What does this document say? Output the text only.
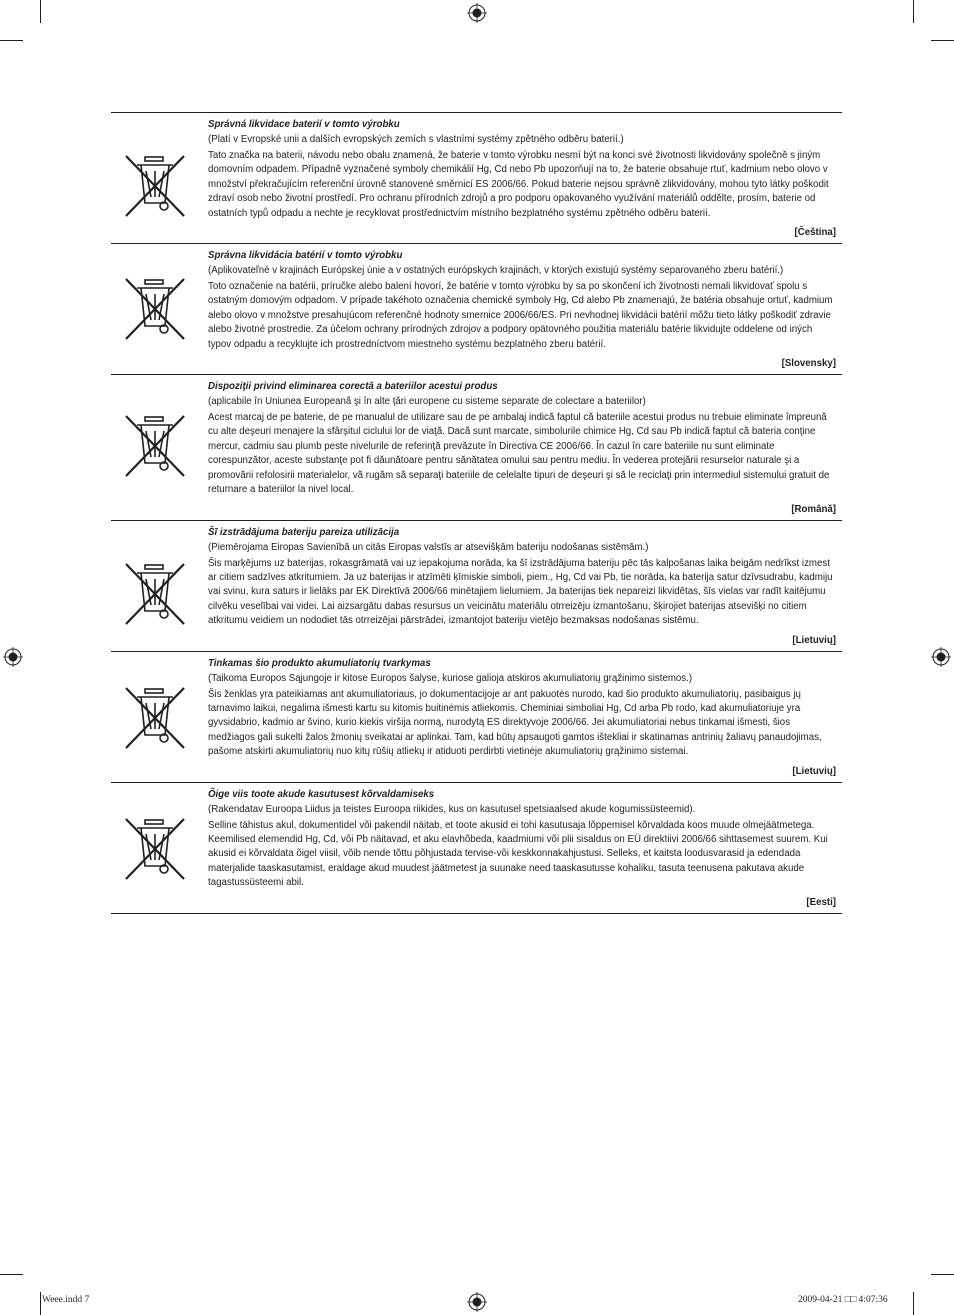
Správná likvidace baterií v tomto výrobku

(Platí v Evropské unii a dalších evropských zemích s vlastními systémy zpětného odběru baterií.)

Tato značka na baterii, návodu nebo obalu znamená, že baterie v tomto výrobku nesmí být na konci své životnosti likvidovány společně s jiným domovním odpadem. Případně vyznačené symboly chemikálií Hg, Cd nebo Pb upozorňují na to, že baterie obsahuje rtuť, kadmium nebo olovo v množství překračujícím referenční úrovně stanovené směrnicí ES 2006/66. Pokud baterie nejsou správně zlikvidovány, mohou tyto látky poškodit zdraví osob nebo životní prostředí. Pro ochranu přírodních zdrojů a pro podporu opakovaného využívání materiálů oddělte, prosím, baterie od ostatních typů odpadu a nechte je recyklovat prostřednictvím místního bezplatného systému zpětného odběru baterií.

[Čeština]

Správna likvidácia batérií v tomto výrobku

(Aplikovateľné v krajinách Európskej únie a v ostatných európskych krajinách, v ktorých existujú systémy separovaného zberu batérií.)

Toto označenie na batérii, príručke alebo balení hovorí, že batérie v tomto výrobku by sa po skončení ich životnosti nemali likvidovať spolu s ostatným domovým odpadom. V prípade takéhoto označenia chemické symboly Hg, Cd alebo Pb znamenajú, že batéria obsahuje ortuť, kadmium alebo olovo v množstve presahujúcom referenčné hodnoty smernice 2006/66/ES. Pri nevhodnej likvidácii batérií môžu tieto látky poškodiť zdravie alebo životné prostredie. Za účelom ochrany prírodných zdrojov a podpory opätovného použitia materiálu batérie likvidujte oddelene od iných typov odpadu a recyklujte ich prostredníctvom miestneho systému bezplatného zberu batérií.

[Slovensky]

Dispoziţii privind eliminarea corectă a bateriilor acestui produs

(aplicabile în Uniunea Europeană şi în alte ţări europene cu sisteme separate de colectare a bateriilor)

Acest marcaj de pe baterie, de pe manualul de utilizare sau de pe ambalaj indică faptul că bateriile acestui produs nu trebuie eliminate împreună cu alte deşeuri menajere la sfârşitul ciclului lor de viaţă. Dacă sunt marcate, simbolurile chimice Hg, Cd sau Pb indică faptul că bateria conţine mercur, cadmiu sau plumb peste nivelurile de referinţă prevăzute în Directiva CE 2006/66. În cazul în care bateriile nu sunt eliminate corespunzător, aceste substanţe pot fi dăunătoare pentru sănătatea omului sau pentru mediu. În vederea protejării resurselor naturale şi a promovării refolosirii materialelor, vă rugăm să separaţi bateriile de celelalte tipuri de deşeuri şi să le reciclaţi prin intermediul sistemului gratuit de returnare a bateriilor la nivel local.

[Română]

Šī izstrādājuma bateriju pareiza utilizācija

(Piemērojama Eiropas Savienībā un citās Eiropas valstīs ar atsevišķām bateriju nodošanas sistēmām.)

Šis marķējums uz baterijas, rokasgrāmatā vai uz iepakojuma norāda, ka šī izstrādājuma bateriju pēc tās kalpošanas laika beigām nedrīkst izmest ar citiem sadzīves atkritumiem. Ja uz baterijas ir atzīmēti ķīmiskie simboli, piem., Hg, Cd vai Pb, tie norāda, ka baterija satur dzīvsudrabu, kadmiju vai svinu, kura saturs ir lielāks par EK Direktīvā 2006/66 minētajiem lielumiem. Ja baterijas tiek nepareizi likvidētas, šīs vielas var radīt kaitējumu cilvēku veselībai vai videi. Lai aizsargātu dabas resursus un veicinātu materiālu otrreizēju izmantošanu, šķirojiet baterijas atsevišķi no citiem atkritumu veidiem un nododiet tās otrreizējai pārstrādei, izmantojot bateriju vietējo bezmaksas nodošanas sistēmu.

[Lietuvių]

Tinkamas šio produkto akumuliatorių tvarkymas

(Taikoma Europos Sąjungoje ir kitose Europos šalyse, kuriose galioja atskiros akumuliatorių grąžinimo sistemos.)

Šis ženklas yra pateikiamas ant akumuliatoriaus, jo dokumentacijoje ar ant pakuotės nurodo, kad šio produkto akumuliatorių, pasibaigus jų tarnavimo laikui, negalima išmesti kartu su kitomis buitinėmis atliekomis. Cheminiai simboliai Hg, Cd arba Pb rodo, kad akumuliatoriuje yra gyvsidabrio, kadmio ar švino, kurio kiekis viršija normą, nurodytą ES direktyvoje 2006/66. Jei akumuliatoriai nebus tinkamai išmesti, šios medžiagos gali sukelti žalos žmonių sveikatai ar aplinkai. Tam, kad būtų apsaugoti gamtos ištekliai ir skatinamas antrinių žaliavų panaudojimas, pašome atskirti akumuliatorių nuo kitų rūšių atliekų ir atiduoti perdirbti vietinėje akumuliatorių grąžinimo sistemai.

[Lietuvių]

Õige viis toote akude kasutusest kõrvaldamiseks

(Rakendatav Euroopa Liidus ja teistes Euroopa riikides, kus on kasutusel spetsiaalsed akude kogumissüsteemid).

Selline tähistus akul, dokumentidel või pakendil näitab, et toote akusid ei tohi kasutusaja lõppemisel kõrvaldada koos muude olmejäätmetega. Keemilised elemendid Hg, Cd, või Pb näitavad, et aku elavhõbeda, kaadmiumi või plii sisaldus on EÜ direktiivi 2006/66 sihttasemest suurem. Kui akusid ei kõrvaldata õigel viisil, võib nende tõttu põhjustada tervise-või keskkonnakahjustusi. Selleks, et kaitsta loodusvarasid ja edendada materjalide taaskasutamist, eraldage akud muudest jäätmetest ja suunake need taaskasutusse kohaliku, tasuta teenusena pakutava akude tagastussüsteemi abil.

[Eesti]
Weee.indd 7	2009-04-21 □□ 4:07:36
